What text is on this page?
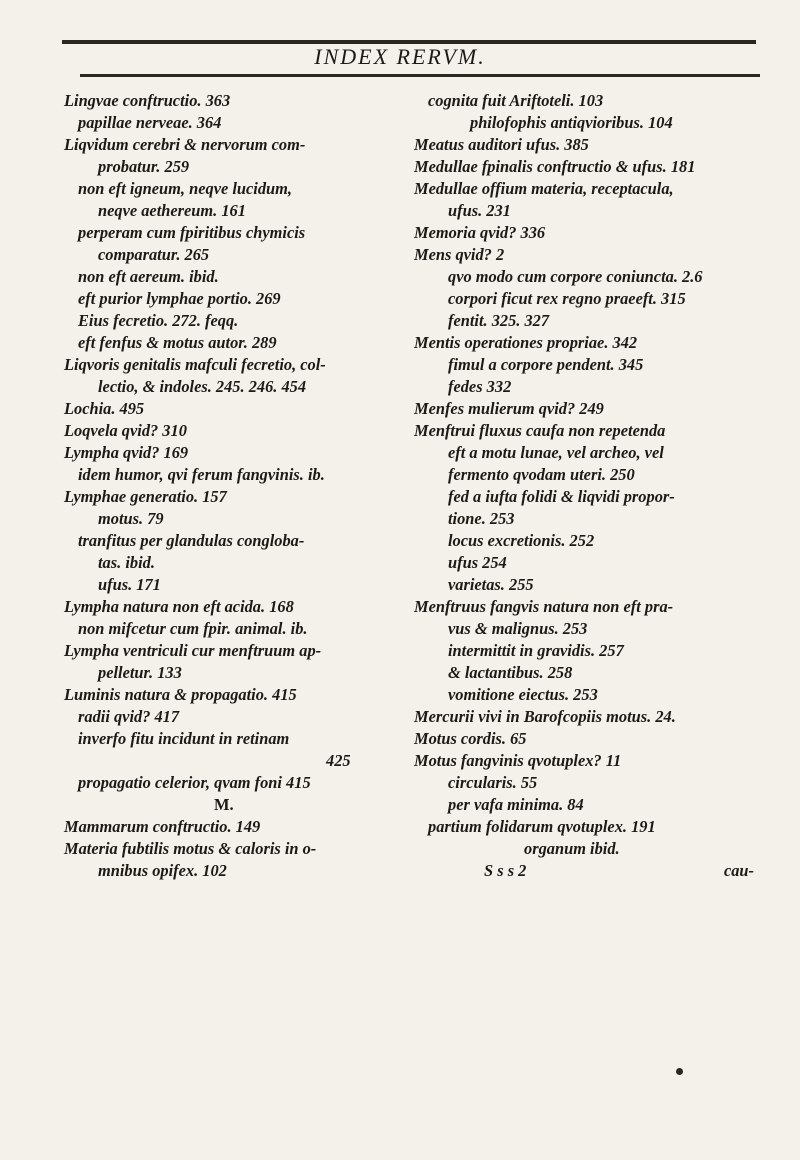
INDEX RERVM.
Lingvae conftructio. 363
papillae nerveae. 364
Liqvidum cerebri & nervorum com-
probatur. 259
non eft igneum, neqve lucidum,
neqve aethereum. 161
perperam cum fpiritibus chymicis
comparatur. 265
non eft aereum. ibid.
eft purior lymphae portio. 269
Eius fecretio. 272. feqq.
eft fenfus & motus autor. 289
Liqvoris genitalis mafculi fecretio, col-
lectio, & indoles. 245. 246. 454
Lochia. 495
Loqvela qvid? 310
Lympha qvid? 169
idem humor, qvi ferum fangvinis. ib.
Lymphae generatio. 157
motus. 79
tranfitus per glandulas congloba-
tas. ibid.
ufus. 171
Lympha natura non eft acida. 168
non mifcetur cum fpir. animal. ib.
Lympha ventriculi cur menftruum ap-
pelletur. 133
Luminis natura & propagatio. 415
radii qvid? 417
inverfo fitu incidunt in retinam
425
propagatio celerior, qvam foni 415
M.
Mammarum conftructio. 149
Materia fubtilis motus & caloris in o-
mnibus opifex. 102
cognita fuit Ariftoteli. 103
philofophis antiqvioribus. 104
Meatus auditori ufus. 385
Medullae fpinalis conftructio & ufus. 181
Medullae offium materia, receptacula,
ufus. 231
Memoria qvid? 336
Mens qvid? 2
qvo modo cum corpore coniuncta. 2.6
corpori ficut rex regno praeeft. 315
fentit. 325. 327
Mentis operationes propriae. 342
fimul a corpore pendent. 345
fedes 332
Menfes mulierum qvid? 249
Menftrui fluxus caufa non repetenda
eft a motu lunae, vel archeo, vel
fermento qvodam uteri. 250
fed a iufta folidi & liqvidi propor-
tione. 253
locus excretionis. 252
ufus 254
varietas. 255
Menftruus fangvis natura non eft pra-
vus & malignus. 253
intermittit in gravidis. 257
& lactantibus. 258
vomitione eiectus. 253
Mercurii vivi in Barofcopiis motus. 24.
Motus cordis. 65
Motus fangvinis qvotuplex? 11
circularis. 55
per vafa minima. 84
partium folidarum qvotuplex. 191
organum ibid.
S s s 2	cau-
